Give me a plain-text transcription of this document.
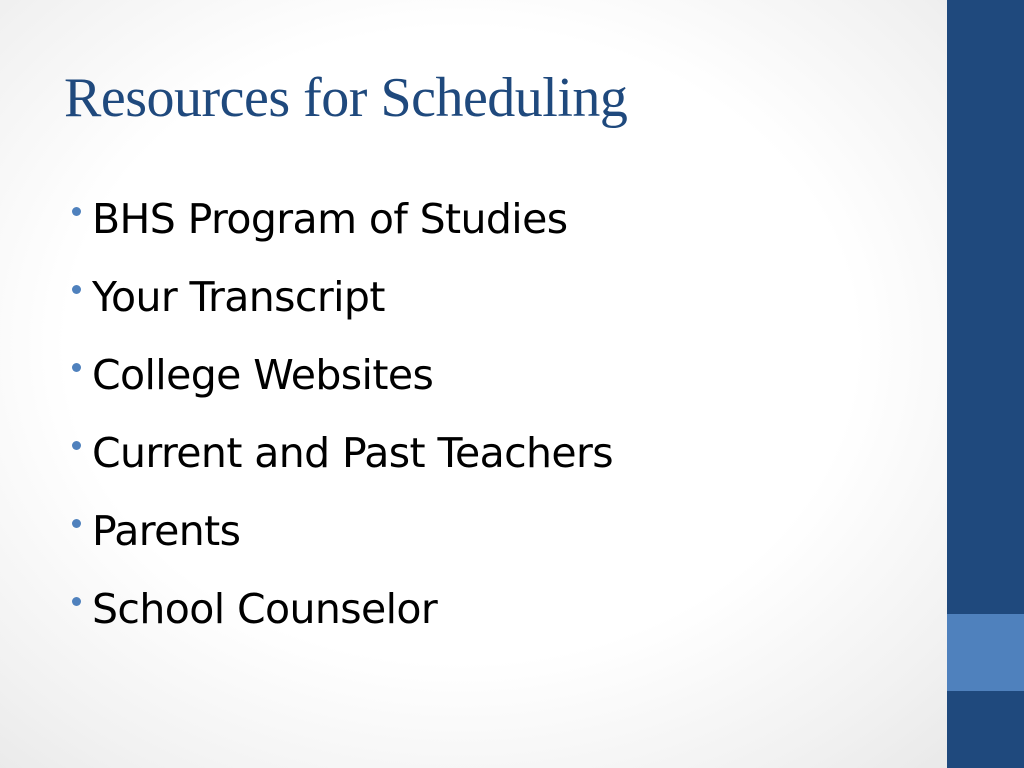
Resources for Scheduling
BHS Program of Studies
Your Transcript
College Websites
Current and Past Teachers
Parents
School Counselor
